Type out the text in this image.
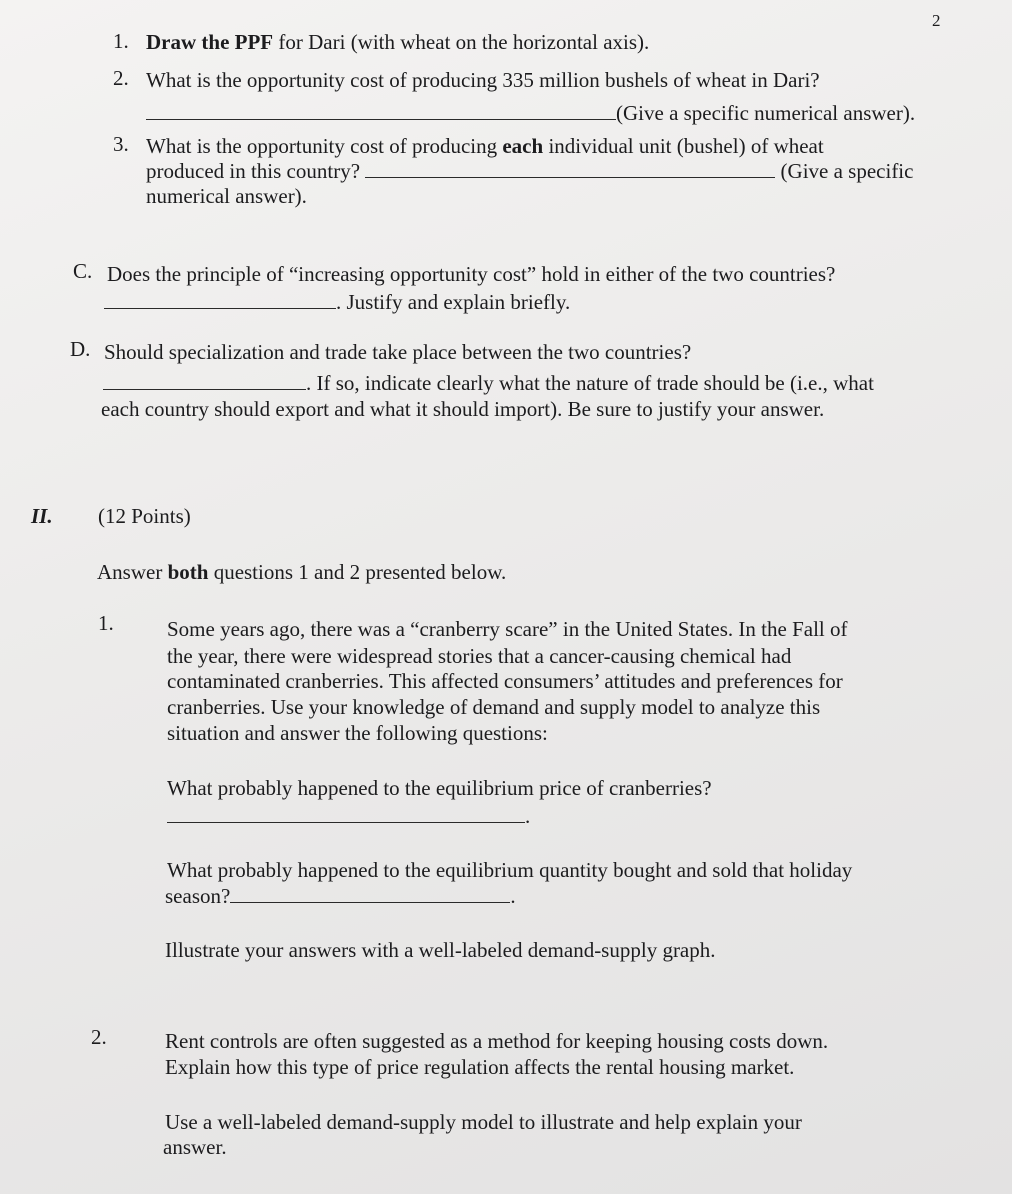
2
1. Draw the PPF for Dari (with wheat on the horizontal axis).
2. What is the opportunity cost of producing 335 million bushels of wheat in Dari?
(Give a specific numerical answer).
3. What is the opportunity cost of producing each individual unit (bushel) of wheat
produced in this country?	(Give a specific
numerical answer).
C. Does the principle of “increasing opportunity cost” hold in either of the two countries?
. Justify and explain briefly.
D. Should specialization and trade take place between the two countries?
. If so, indicate clearly what the nature of trade should be (i.e., what
each country should export and what it should import). Be sure to justify your answer.
II. (12 Points)
Answer both questions 1 and 2 presented below.
1.	Some years ago, there was a “cranberry scare” in the United States. In the Fall of
the year, there were widespread stories that a cancer-causing chemical had
contaminated cranberries. This affected consumers’ attitudes and preferences for
cranberries. Use your knowledge of demand and supply model to analyze this
situation and answer the following questions:
What probably happened to the equilibrium price of cranberries?
.
What probably happened to the equilibrium quantity bought and sold that holiday
season?	.
Illustrate your answers with a well-labeled demand-supply graph.
2.	Rent controls are often suggested as a method for keeping housing costs down.
Explain how this type of price regulation affects the rental housing market.
Use a well-labeled demand-supply model to illustrate and help explain your
answer.
